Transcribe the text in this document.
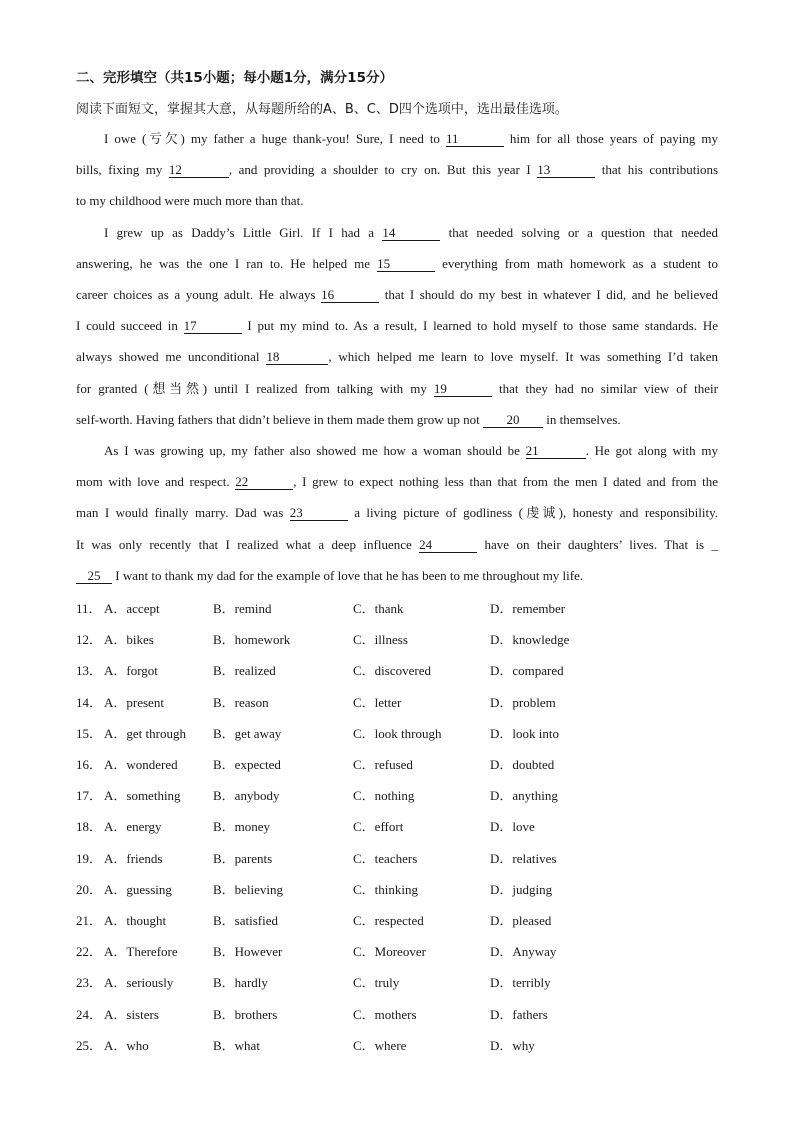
二、完形填空（共15小题；每小题1分，满分15分）
阅读下面短文，掌握其大意，从每题所给的A、B、C、D四个选项中，选出最佳选项。
I owe (亏欠) my father a huge thank-you! Sure, I need to 11	him for all those years of paying my
bills, fixing my 12	, and providing a shoulder to cry on. But this year I 13	that his contributions
to my childhood were much more than that.
I grew up as Daddy’s Little Girl. If I had a 14	that needed solving or a question that needed
answering, he was the one I ran to. He helped me 15	everything from math homework as a student to
career choices as a young adult. He always 16	that I should do my best in whatever I did, and he believed
I could succeed in 17	I put my mind to. As a result, I learned to hold myself to those same standards. He
always showed me unconditional 18	, which helped me learn to love myself. It was something I’d taken
for granted (想当然) until I realized from talking with my 19	that they had no similar view of their
self-worth. Having fathers that didn’t believe in them made them grow up not 20 in themselves.
As I was growing up, my father also showed me how a woman should be 21	. He got along with my
mom with love and respect. 22	, I grew to expect nothing less than that from the men I dated and from the
man I would finally marry. Dad was 23	a living picture of godliness (虔诚), honesty and responsibility.
It was only recently that I realized what a deep influence 24	have on their daughters’ lives. That is _
25 I want to thank my dad for the example of love that he has been to me throughout my life.
11． A．accept	B．remind	C．thank	D．remember
12． A．bikes	B．homework	C．illness	D．knowledge
13． A．forgot	B．realized	C．discovered	D．compared
14． A．present	B．reason	C．letter	D．problem
15． A．get through B．get away	C．look through	D．look into
16． A．wondered	B．expected	C．refused	D．doubted
17． A．something B．anybody	C．nothing	D．anything
18． A．energy	B．money	C．effort	D．love
19． A．friends	B．parents	C．teachers	D．relatives
20． A．guessing	B．believing	C．thinking	D．judging
21． A．thought	B．satisfied	C．respected	D．pleased
22． A．Therefore	B．However	C．Moreover	D．Anyway
23． A．seriously	B．hardly	C．truly	D．terribly
24． A．sisters	B．brothers	C．mothers	D．fathers
25． A．who	B．what	C．where	D．why
